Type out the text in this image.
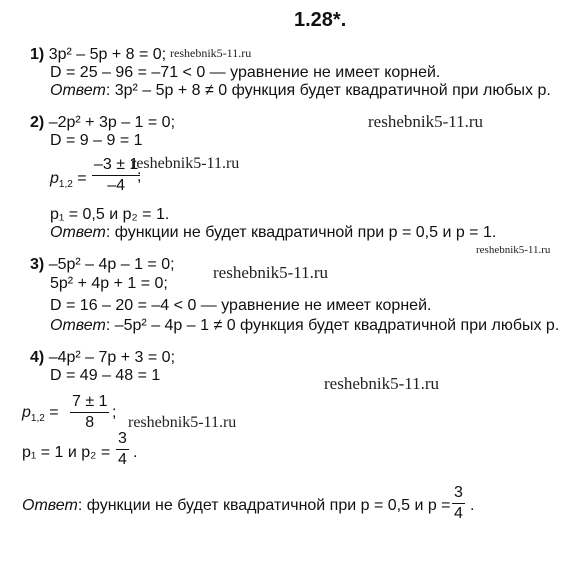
1.28*.
reshebnik5-11.ru
reshebnik5-11.ru
reshebnik5-11.ru
reshebnik5-11.ru
reshebnik5-11.ru
reshebnik5-11.ru
reshebnik5-11.ru
1) 3p² – 5p + 8 = 0;
D = 25 – 96 = –71 < 0 — уравнение не имеет корней.
Ответ: 3p² – 5p + 8 ≠ 0 функция будет квадратичной при любых p.
2) –2p² + 3p – 1 = 0;
D = 9 – 9 = 1
$p_{1,2}$ =
–3 ± 1
–4
;
p₁ = 0,5 и p₂ = 1.
Ответ: функции не будет квадратичной при p = 0,5 и p = 1.
3) –5p² – 4p – 1 = 0;
5p² + 4p + 1 = 0;
D = 16 – 20 = –4 < 0 — уравнение не имеет корней.
Ответ: –5p² – 4p – 1 ≠ 0 функция будет квадратичной при любых p.
4) –4p² – 7p + 3 = 0;
D = 49 – 48 = 1
$p_{1,2}$ =
7 ± 1
8
;
p₁ = 1 и p₂ =
3
4 .
Ответ: функции не будет квадратичной при p = 0,5 и p =
3
4 .
